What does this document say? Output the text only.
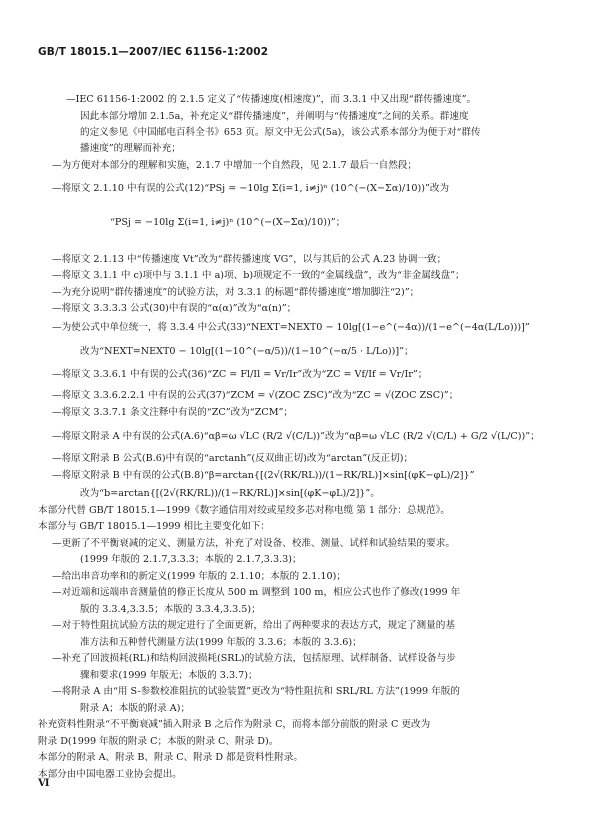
GB/T 18015.1—2007/IEC 61156-1:2002
—IEC 61156-1:2002 的 2.1.5 定义了“传播速度(相速度)”，而 3.3.1 中又出现“群传播速度”。
因此本部分增加 2.1.5a，补充定义“群传播速度”，并阐明与“传播速度”之间的关系。群速度
的定义参见《中国邮电百科全书》653 页。原文中无公式(5a)，该公式系本部分为便于对“群传
播速度”的理解而补充；
—为方便对本部分的理解和实施，2.1.7 中增加一个自然段，见 2.1.7 最后一自然段；
—将原文 2.1.10 中有误的公式(12)“PSj = −10lg Σ(i=1, i≠j)ⁿ (10^(−(X−Σα)/10))”改为
“PSj = −10lg Σ(i=1, i≠j)ⁿ (10^(−(X−Σα)/10))”；
—将原文 2.1.13 中“传播速度 Vt”改为“群传播速度 VG”，以与其后的公式 A.23 协调一致；
—将原文 3.1.1 中 c)项中与 3.1.1 中 a)项、b)项规定不一致的“金属线盘”，改为“非金属线盘”；
—为充分说明“群传播速度”的试验方法，对 3.3.1 的标题“群传播速度”增加脚注“2)”；
—将原文 3.3.3.3 公式(30)中有误的“α(α)”改为“α(n)”；
—为使公式中单位统一，将 3.3.4 中公式(33)“NEXT=NEXT0 − 10lg[(1−e^(−4α))/(1−e^(−4α(L/Lo)))]”
改为“NEXT=NEXT0 − 10lg[(1−10^(−α/5))/(1−10^(−α/5 · L/Lo))]”；
—将原文 3.3.6.1 中有误的公式(36)“ZC = Fl/Il = Vr/Ir”改为“ZC = Vf/If = Vr/Ir”；
—将原文 3.3.6.2.2.1 中有误的公式(37)“ZCM = √(ZOC ZSC)”改为“ZC = √(ZOC ZSC)”；
—将原文 3.3.7.1 条文注释中有误的“ZC”改为“ZCM”；
—将原文附录 A 中有误的公式(A.6)“αβ=ω √LC (R/2 √(C/L))”改为“αβ=ω √LC (R/2 √(C/L) + G/2 √(L/C))”；
—将原文附录 B 公式(B.6)中有误的“arctanh”(反双曲正切)改为“arctan”(反正切)；
—将原文附录 B 中有误的公式(B.8)“β=arctan{[(2√(RK/RL))/(1−RK/RL)]×sin[(φK−φL)/2]}”
改为“b=arctan{[(2√(RK/RL))/(1−RK/RL)]×sin[(φK−φL)/2]}”。
本部分代替 GB/T 18015.1—1999《数字通信用对绞或星绞多芯对称电缆 第 1 部分：总规范》。
本部分与 GB/T 18015.1—1999 相比主要变化如下：
—更新了不平衡衰减的定义、测量方法，补充了对设备、校准、测量、试样和试验结果的要求。
(1999 年版的 2.1.7,3.3.3；本版的 2.1.7,3.3.3)；
—给出串音功率和的新定义(1999 年版的 2.1.10；本版的 2.1.10)；
—对近端和远端串音测量值的修正长度从 500 m 调整到 100 m，相应公式也作了修改(1999 年
版的 3.3.4,3.3.5；本版的 3.3.4,3.3.5)；
—对于特性阻抗试验方法的规定进行了全面更新，给出了两种要求的表达方式，规定了测量的基
准方法和五种替代测量方法(1999 年版的 3.3.6；本版的 3.3.6)；
—补充了回波损耗(RL)和结构回波损耗(SRL)的试验方法，包括原理、试样制备、试样设备与步
骤和要求(1999 年版无；本版的 3.3.7)；
—将附录 A 由“用 S-参数校准阻抗的试验装置”更改为“特性阻抗和 SRL/RL 方法”(1999 年版的
附录 A；本版的附录 A)；
补充资料性附录“不平衡衰减”插入附录 B 之后作为附录 C，而将本部分前版的附录 C 更改为
附录 D(1999 年版的附录 C；本版的附录 C、附录 D)。
本部分的附录 A、附录 B、附录 C、附录 D 都是资料性附录。
本部分由中国电器工业协会提出。
Ⅵ
